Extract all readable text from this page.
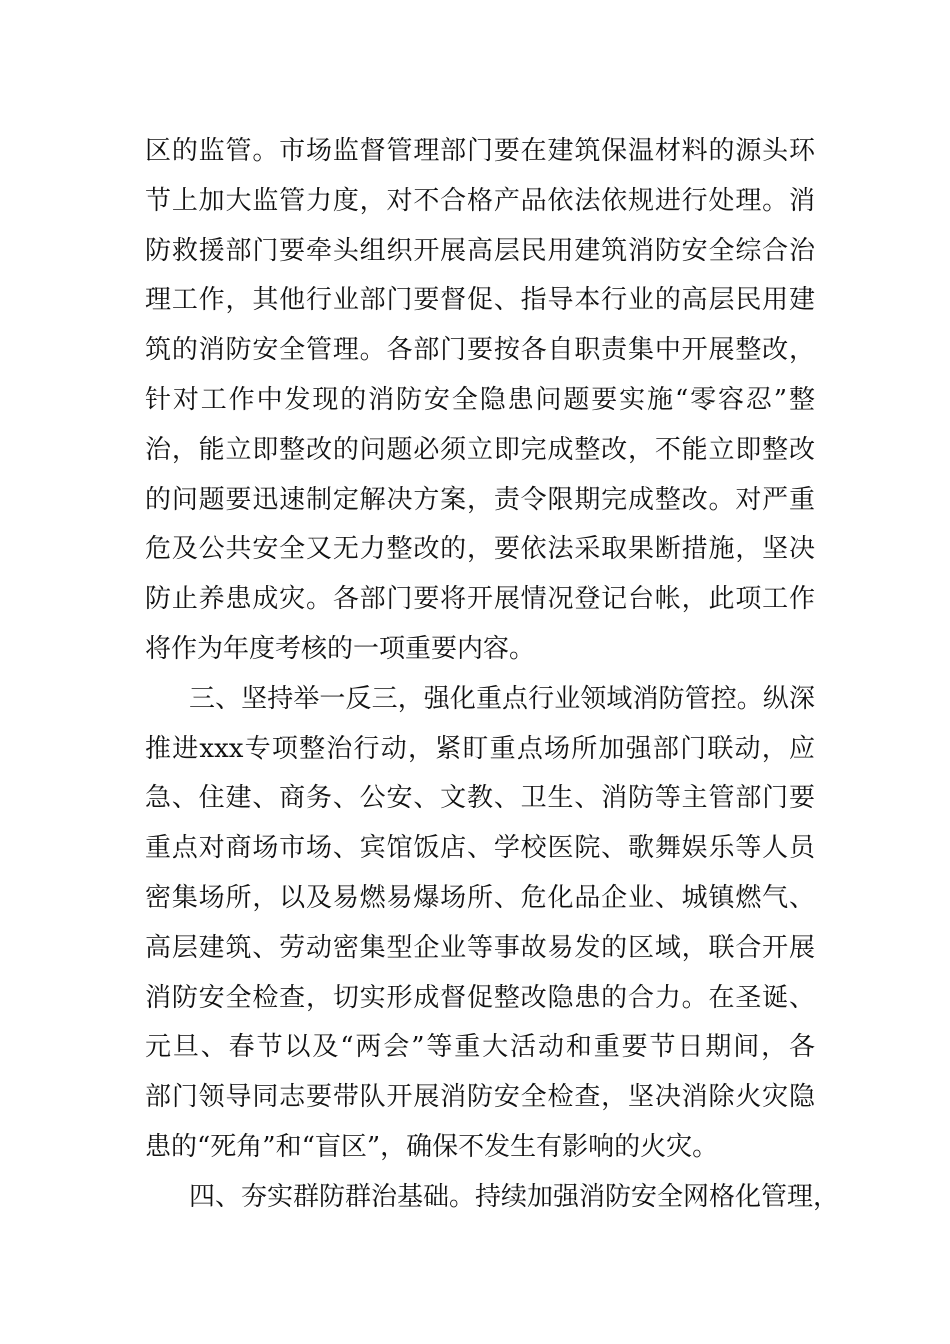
区的监管。市场监督管理部门要在建筑保温材料的源头环
节上加大监管力度，对不合格产品依法依规进行处理。消
防救援部门要牵头组织开展高层民用建筑消防安全综合治
理工作，其他行业部门要督促、指导本行业的高层民用建
筑的消防安全管理。各部门要按各自职责集中开展整改，
针对工作中发现的消防安全隐患问题要实施“零容忍”整
治，能立即整改的问题必须立即完成整改，不能立即整改
的问题要迅速制定解决方案，责令限期完成整改。对严重
危及公共安全又无力整改的，要依法采取果断措施，坚决
防止养患成灾。各部门要将开展情况登记台帐，此项工作
将作为年度考核的一项重要内容。
三、坚持举一反三，强化重点行业领域消防管控。纵深
推进xxx专项整治行动，紧盯重点场所加强部门联动，应
急、住建、商务、公安、文教、卫生、消防等主管部门要
重点对商场市场、宾馆饭店、学校医院、歌舞娱乐等人员
密集场所，以及易燃易爆场所、危化品企业、城镇燃气、
高层建筑、劳动密集型企业等事故易发的区域，联合开展
消防安全检查，切实形成督促整改隐患的合力。在圣诞、
元旦、春节以及“两会”等重大活动和重要节日期间，各
部门领导同志要带队开展消防安全检查，坚决消除火灾隐
患的“死角”和“盲区”，确保不发生有影响的火灾。
四、夯实群防群治基础。持续加强消防安全网格化管理，
